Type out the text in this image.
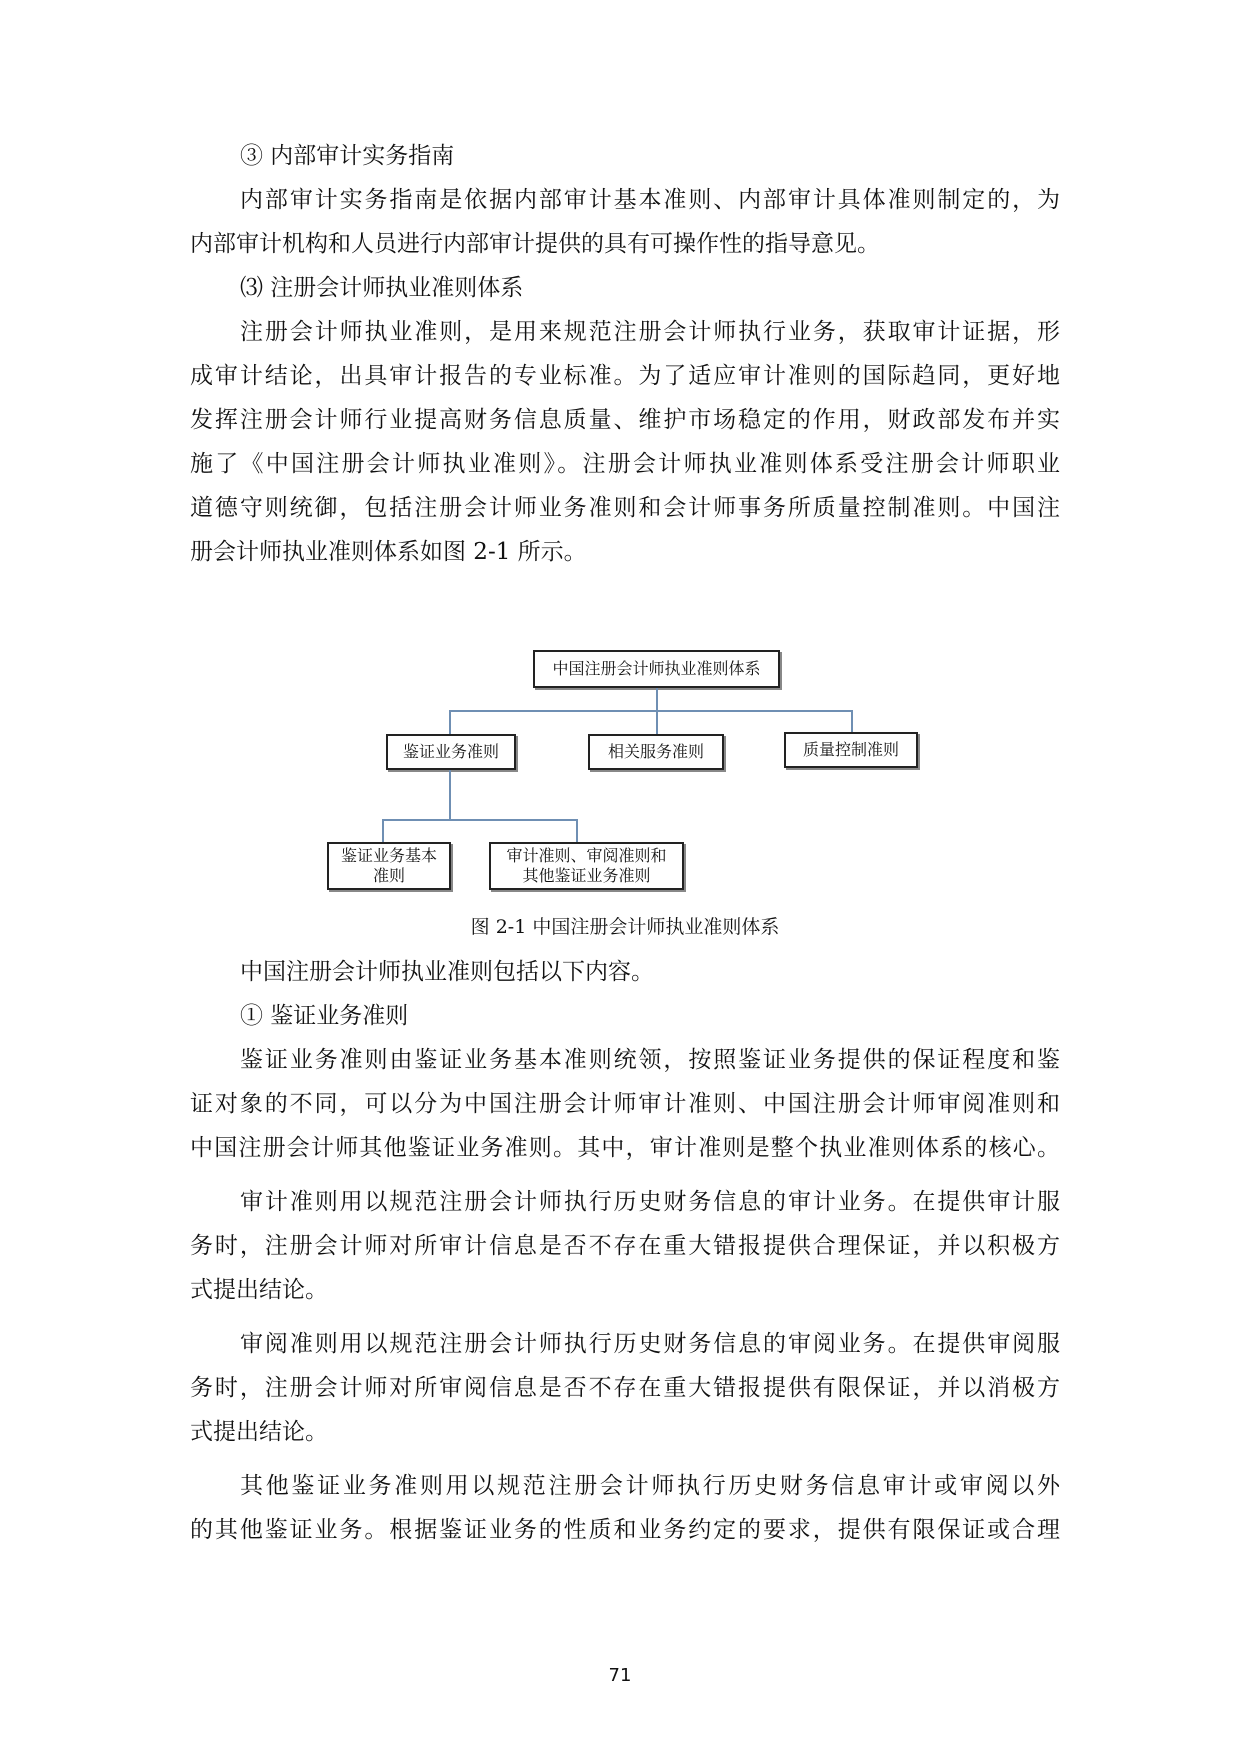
③ 内部审计实务指南
内部审计实务指南是依据内部审计基本准则、内部审计具体准则制定的，为
内部审计机构和人员进行内部审计提供的具有可操作性的指导意见。
⑶ 注册会计师执业准则体系
注册会计师执业准则，是用来规范注册会计师执行业务，获取审计证据，形
成审计结论，出具审计报告的专业标准。为了适应审计准则的国际趋同，更好地
发挥注册会计师行业提高财务信息质量、维护市场稳定的作用，财政部发布并实
施了《中国注册会计师执业准则》。注册会计师执业准则体系受注册会计师职业
道德守则统御，包括注册会计师业务准则和会计师事务所质量控制准则。中国注
册会计师执业准则体系如图 2-1 所示。
中国注册会计师执业准则体系
鉴证业务准则	相关服务准则	质量控制准则
鉴证业务基本
准则
审计准则、审阅准则和
其他鉴证业务准则
图 2-1 中国注册会计师执业准则体系
中国注册会计师执业准则包括以下内容。
① 鉴证业务准则
鉴证业务准则由鉴证业务基本准则统领，按照鉴证业务提供的保证程度和鉴
证对象的不同，可以分为中国注册会计师审计准则、中国注册会计师审阅准则和
中国注册会计师其他鉴证业务准则。其中，审计准则是整个执业准则体系的核心。
审计准则用以规范注册会计师执行历史财务信息的审计业务。在提供审计服
务时，注册会计师对所审计信息是否不存在重大错报提供合理保证，并以积极方
式提出结论。
审阅准则用以规范注册会计师执行历史财务信息的审阅业务。在提供审阅服
务时，注册会计师对所审阅信息是否不存在重大错报提供有限保证，并以消极方
式提出结论。
其他鉴证业务准则用以规范注册会计师执行历史财务信息审计或审阅以外
的其他鉴证业务。根据鉴证业务的性质和业务约定的要求，提供有限保证或合理
71
